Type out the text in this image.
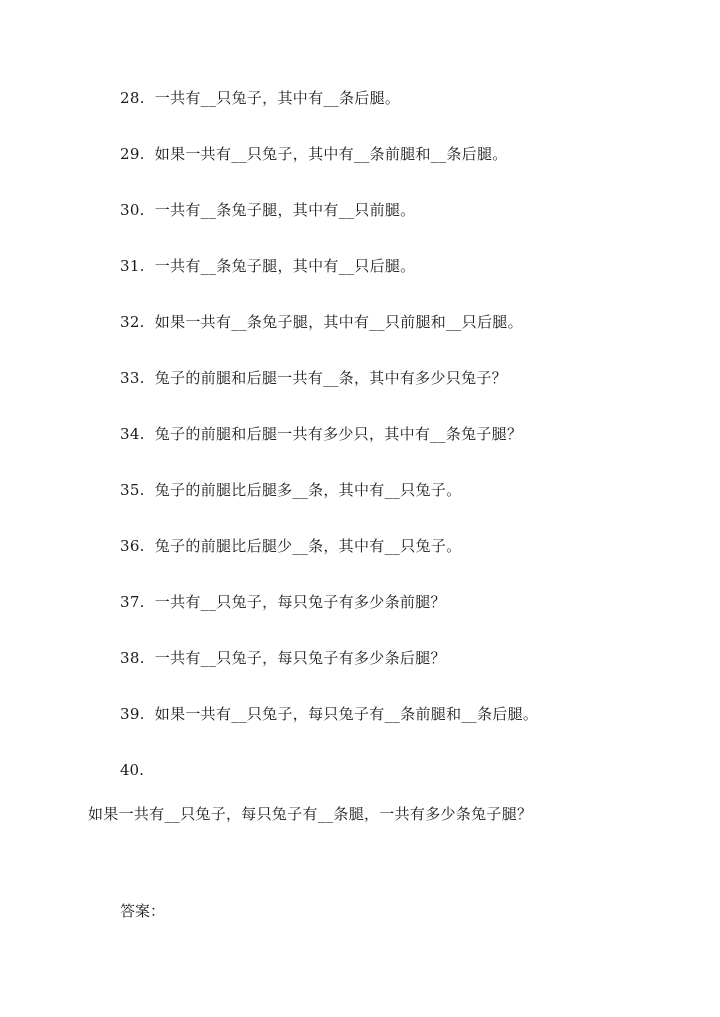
28. 一共有__只兔子，其中有__条后腿。
29. 如果一共有__只兔子，其中有__条前腿和__条后腿。
30. 一共有__条兔子腿，其中有__只前腿。
31. 一共有__条兔子腿，其中有__只后腿。
32. 如果一共有__条兔子腿，其中有__只前腿和__只后腿。
33. 兔子的前腿和后腿一共有__条，其中有多少只兔子？
34. 兔子的前腿和后腿一共有多少只，其中有__条兔子腿？
35. 兔子的前腿比后腿多__条，其中有__只兔子。
36. 兔子的前腿比后腿少__条，其中有__只兔子。
37. 一共有__只兔子，每只兔子有多少条前腿？
38. 一共有__只兔子，每只兔子有多少条后腿？
39. 如果一共有__只兔子，每只兔子有__条前腿和__条后腿。
40.
如果一共有__只兔子，每只兔子有__条腿，一共有多少条兔子腿？
答案：
